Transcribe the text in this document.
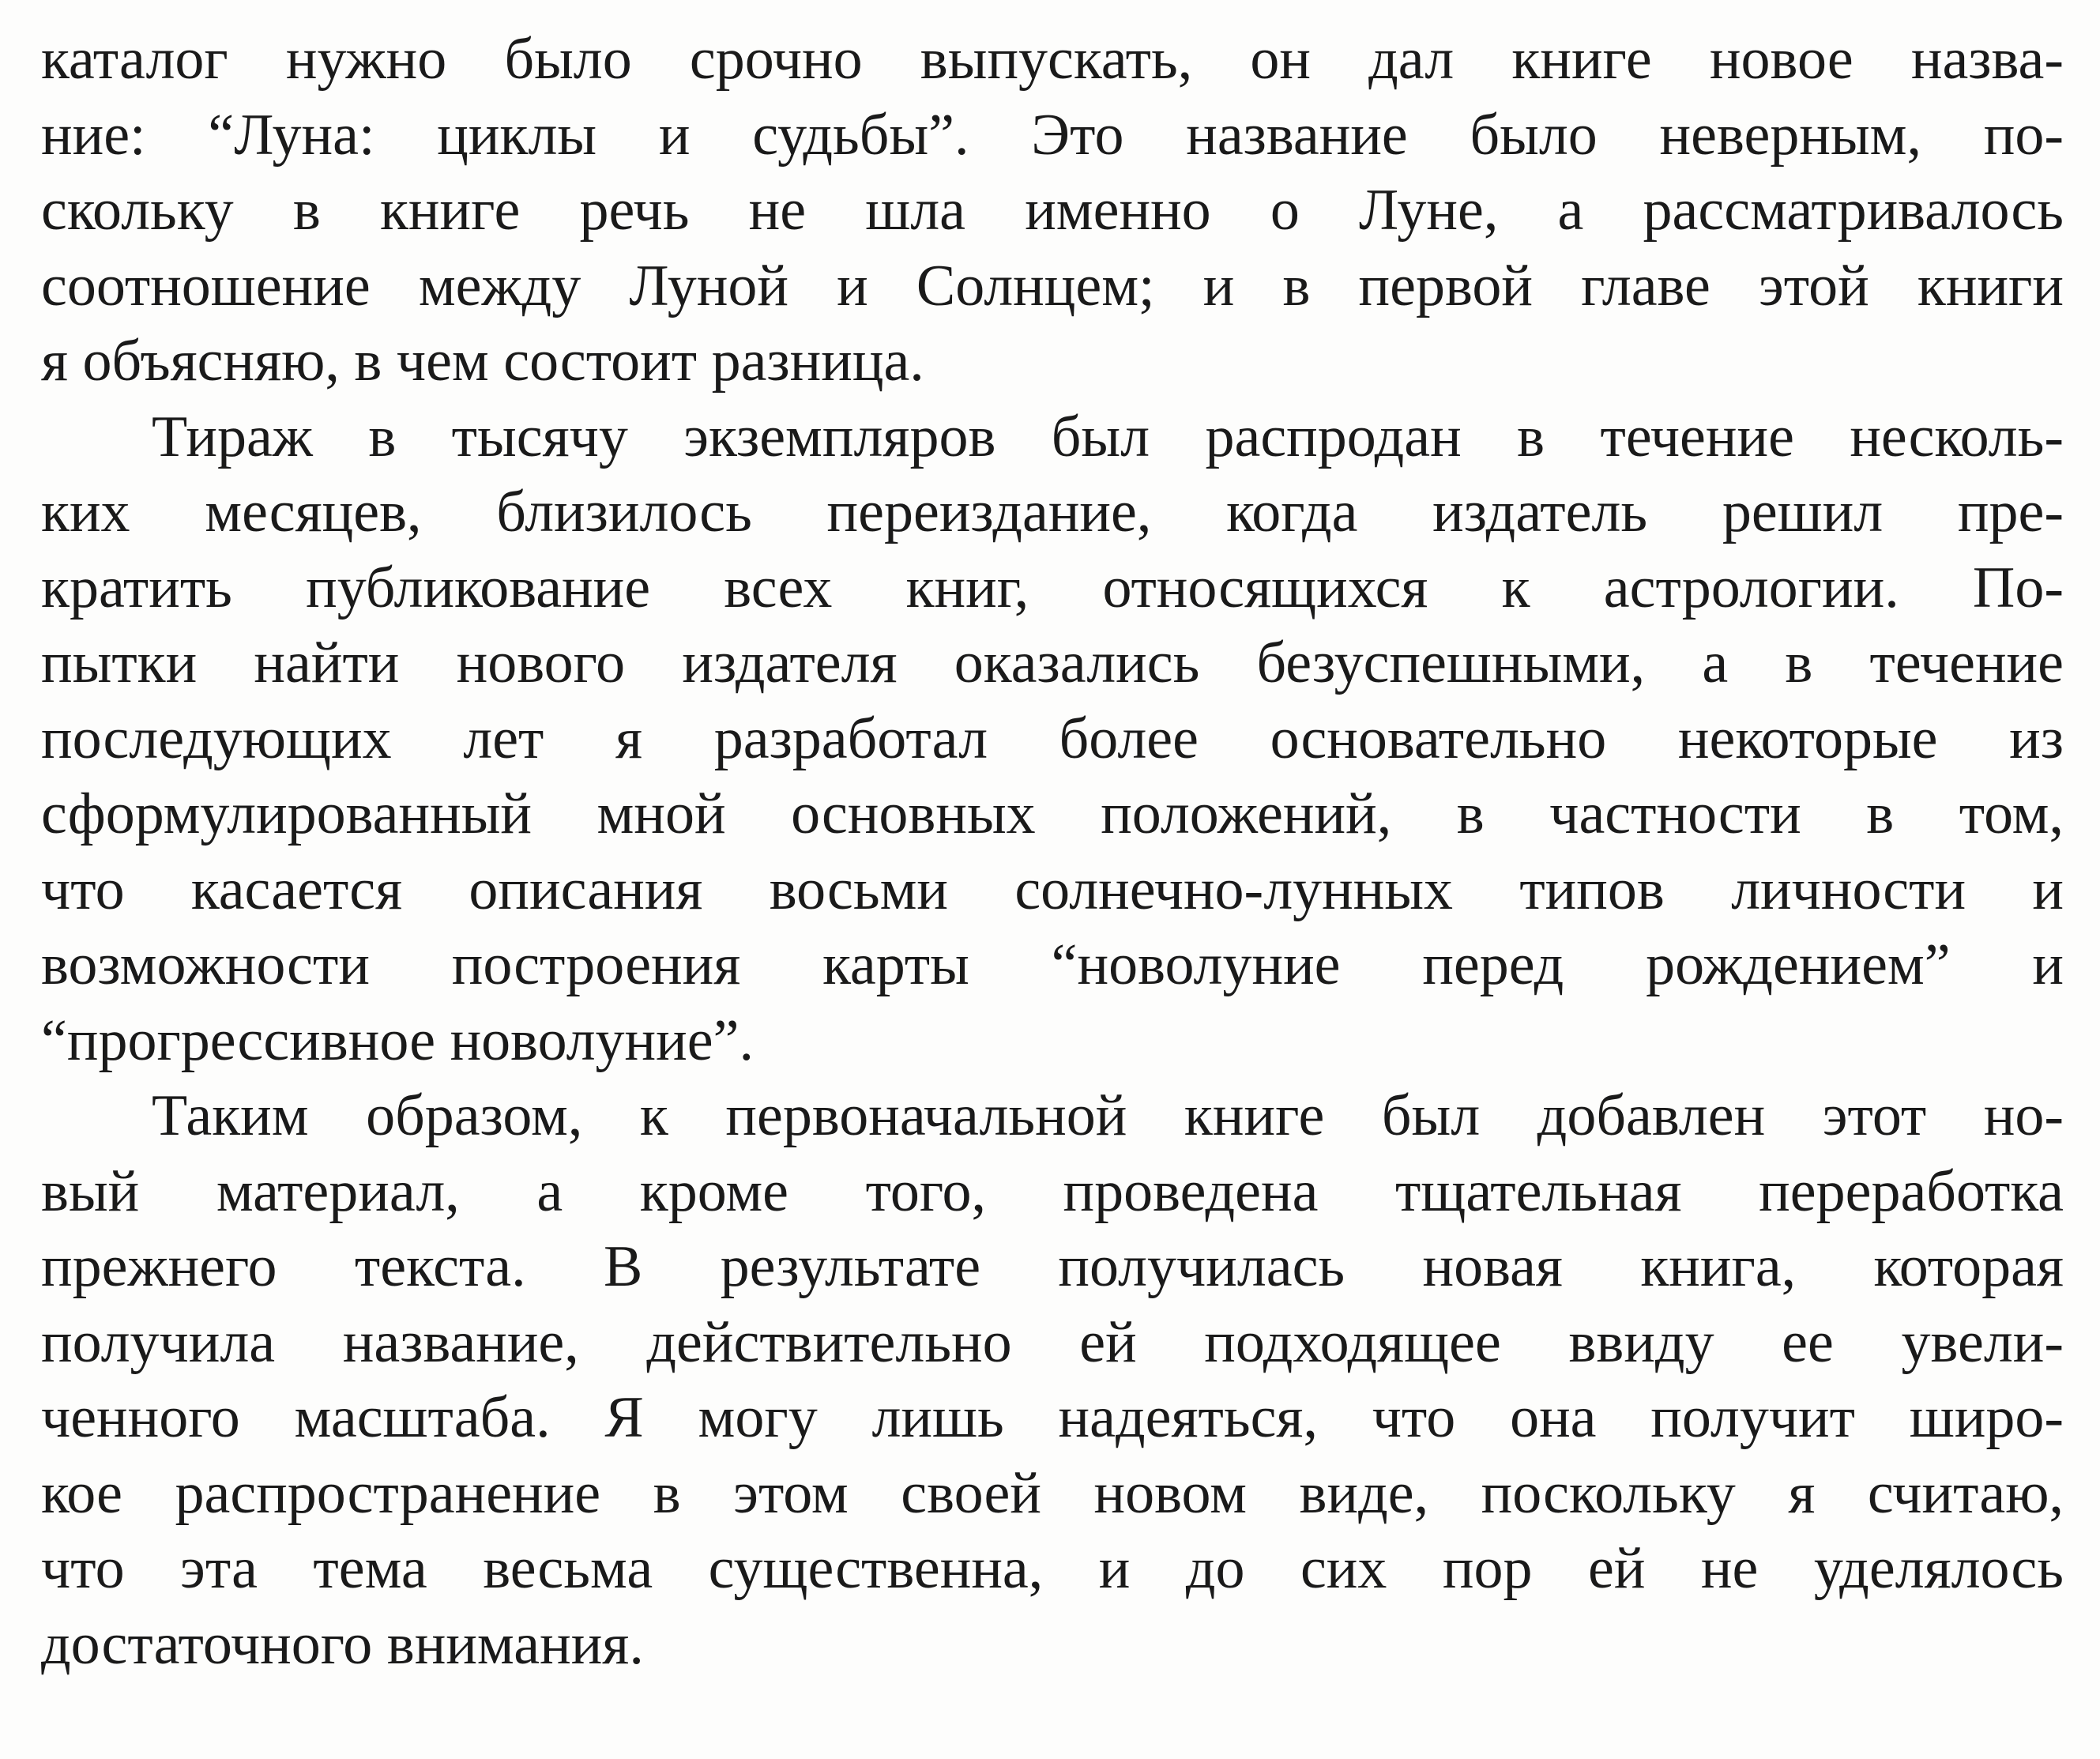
каталог нужно было срочно выпускать, он дал книге новое назва-
ние: “Луна: циклы и судьбы”. Это название было неверным, по-
скольку в книге речь не шла именно о Луне, а рассматривалось
соотношение между Луной и Солнцем; и в первой главе этой книги
я объясняю, в чем состоит разница.
Тираж в тысячу экземпляров был распродан в течение несколь-
ких месяцев, близилось переиздание, когда издатель решил пре-
кратить публикование всех книг, относящихся к астрологии. По-
пытки найти нового издателя оказались безуспешными, а в течение
последующих лет я разработал более основательно некоторые из
сформулированный мной основных положений, в частности в том,
что касается описания восьми солнечно-лунных типов личности и
возможности построения карты “новолуние перед рождением” и
“прогрессивное новолуние”.
Таким образом, к первоначальной книге был добавлен этот но-
вый материал, а кроме того, проведена тщательная переработка
прежнего текста. В результате получилась новая книга, которая
получила название, действительно ей подходящее ввиду ее увели-
ченного масштаба. Я могу лишь надеяться, что она получит широ-
кое распространение в этом своей новом виде, поскольку я считаю,
что эта тема весьма существенна, и до сих пор ей не уделялось
достаточного внимания.
